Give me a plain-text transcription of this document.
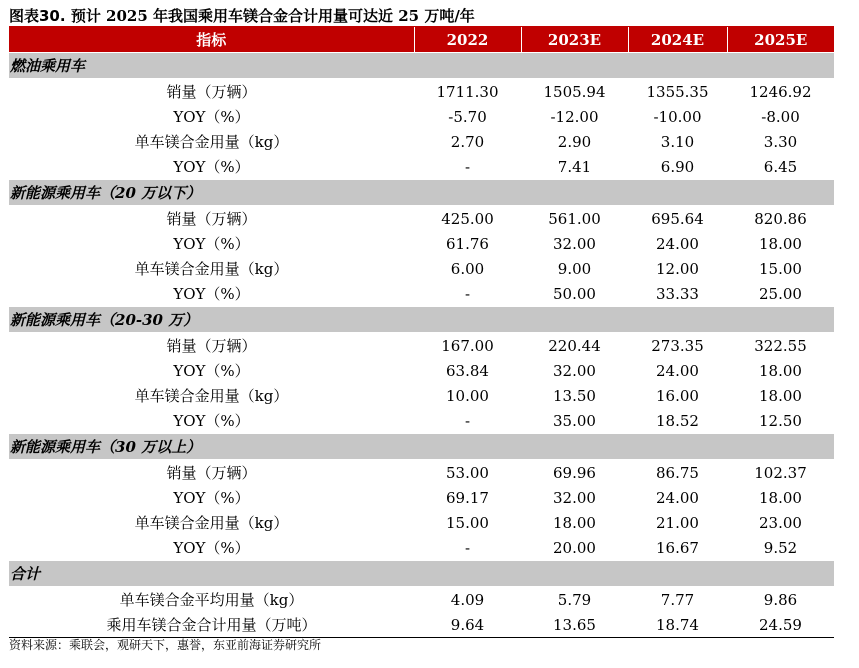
图表30. 预计 2025 年我国乘用车镁合金合计用量可达近 25 万吨/年
指标	2022	2023E	2024E	2025E
燃油乘用车				
销量（万辆）	1711.30	1505.94	1355.35	1246.92
YOY（%）	-5.70	-12.00	-10.00	-8.00
单车镁合金用量（kg）	2.70	2.90	3.10	3.30
YOY（%）	-	7.41	6.90	6.45
新能源乘用车（20 万以下）				
销量（万辆）	425.00	561.00	695.64	820.86
YOY（%）	61.76	32.00	24.00	18.00
单车镁合金用量（kg）	6.00	9.00	12.00	15.00
YOY（%）	-	50.00	33.33	25.00
新能源乘用车（20-30 万）				
销量（万辆）	167.00	220.44	273.35	322.55
YOY（%）	63.84	32.00	24.00	18.00
单车镁合金用量（kg）	10.00	13.50	16.00	18.00
YOY（%）	-	35.00	18.52	12.50
新能源乘用车（30 万以上）				
销量（万辆）	53.00	69.96	86.75	102.37
YOY（%）	69.17	32.00	24.00	18.00
单车镁合金用量（kg）	15.00	18.00	21.00	23.00
YOY（%）	-	20.00	16.67	9.52
合计				
单车镁合金平均用量（kg）	4.09	5.79	7.77	9.86
乘用车镁合金合计用量（万吨）	9.64	13.65	18.74	24.59
资料来源：乘联会，观研天下，惠誉，东亚前海证券研究所
